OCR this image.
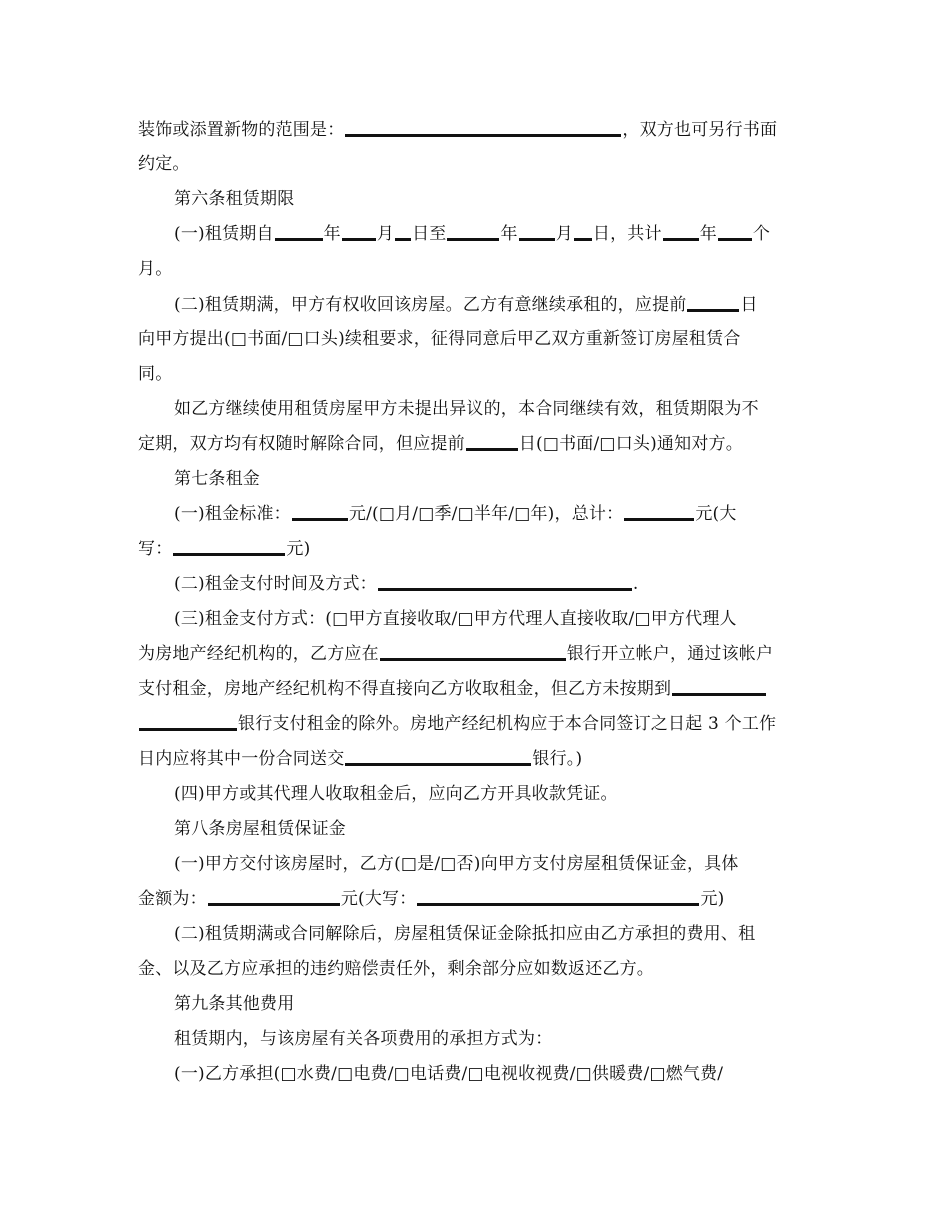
装饰或添置新物的范围是：	，双方也可另行书面
约定。
第六条租赁期限
(一)租赁期自	年 月 日至	年 月 日，共计 年 个
月。
(二)租赁期满，甲方有权收回该房屋。乙方有意继续承租的，应提前	日
向甲方提出(□书面/□口头)续租要求，征得同意后甲乙双方重新签订房屋租赁合
同。
如乙方继续使用租赁房屋甲方未提出异议的，本合同继续有效，租赁期限为不
定期，双方均有权随时解除合同，但应提前	日(□书面/□口头)通知对方。
第七条租金
(一)租金标准：	元/(□月/□季/□半年/□年)，总计：	元(大
写：	元)
(二)租金支付时间及方式：	.
(三)租金支付方式：(□甲方直接收取/□甲方代理人直接收取/□甲方代理人
为房地产经纪机构的，乙方应在	银行开立帐户，通过该帐户
支付租金，房地产经纪机构不得直接向乙方收取租金，但乙方未按期到
银行支付租金的除外。房地产经纪机构应于本合同签订之日起 3 个工作
日内应将其中一份合同送交	银行。)
(四)甲方或其代理人收取租金后，应向乙方开具收款凭证。
第八条房屋租赁保证金
(一)甲方交付该房屋时，乙方(□是/□否)向甲方支付房屋租赁保证金，具体
金额为：	元(大写：	元)
(二)租赁期满或合同解除后，房屋租赁保证金除抵扣应由乙方承担的费用、租
金、以及乙方应承担的违约赔偿责任外，剩余部分应如数返还乙方。
第九条其他费用
租赁期内，与该房屋有关各项费用的承担方式为：
(一)乙方承担(□水费/□电费/□电话费/□电视收视费/□供暖费/□燃气费/
